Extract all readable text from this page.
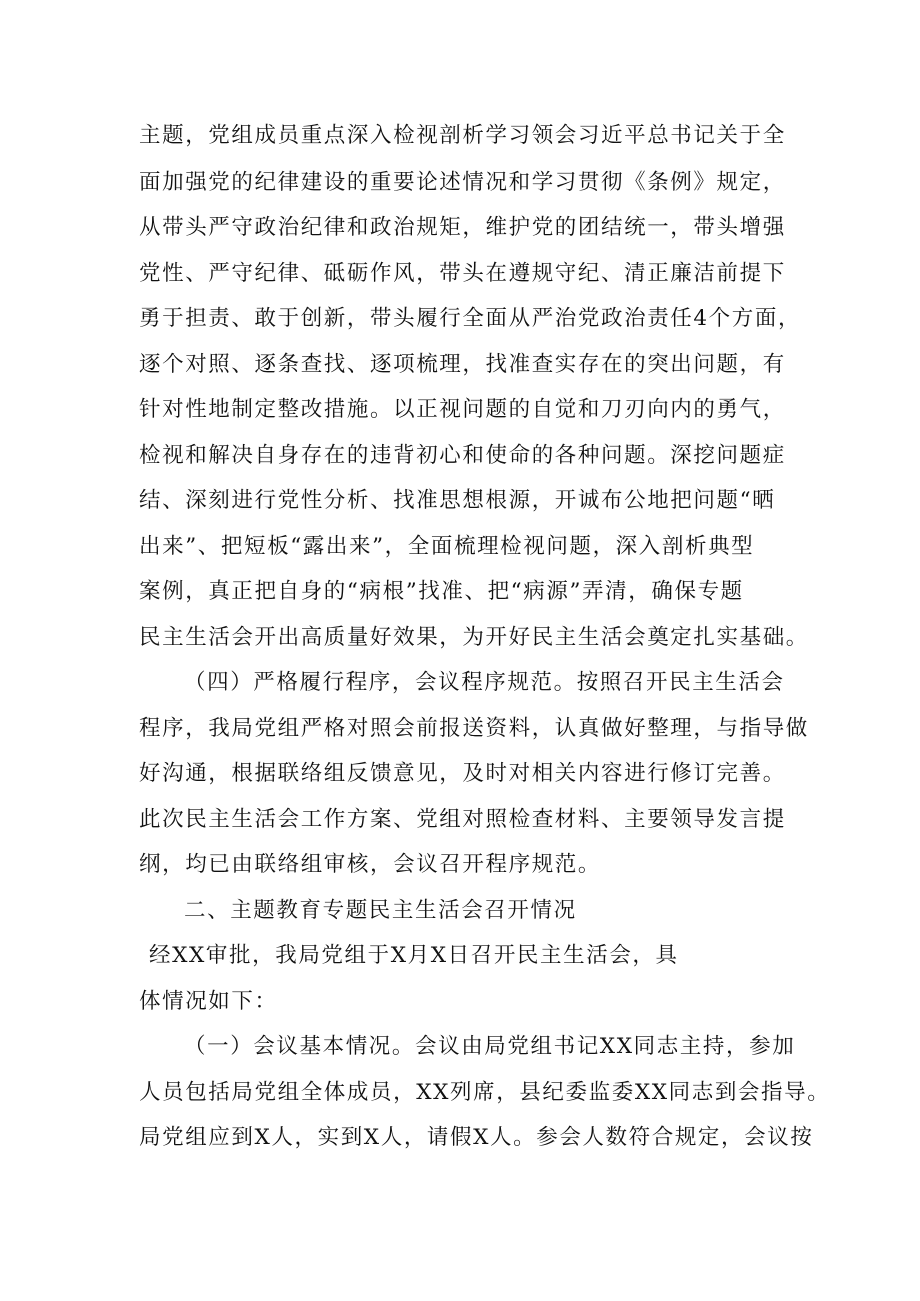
主题，党组成员重点深入检视剖析学习领会习近平总书记关于全
面加强党的纪律建设的重要论述情况和学习贯彻《条例》规定，
从带头严守政治纪律和政治规矩，维护党的团结统一，带头增强
党性、严守纪律、砥砺作风，带头在遵规守纪、清正廉洁前提下
勇于担责、敢于创新，带头履行全面从严治党政治责任4个方面，
逐个对照、逐条查找、逐项梳理，找准查实存在的突出问题，有
针对性地制定整改措施。以正视问题的自觉和刀刃向内的勇气，
检视和解决自身存在的违背初心和使命的各种问题。深挖问题症
结、深刻进行党性分析、找准思想根源，开诚布公地把问题“晒
出来”、把短板“露出来”，全面梳理检视问题，深入剖析典型
案例，真正把自身的“病根”找准、把“病源”弄清，确保专题
民主生活会开出高质量好效果，为开好民主生活会奠定扎实基础。
（四）严格履行程序，会议程序规范。按照召开民主生活会
程序，我局党组严格对照会前报送资料，认真做好整理，与指导做
好沟通，根据联络组反馈意见，及时对相关内容进行修订完善。
此次民主生活会工作方案、党组对照检查材料、主要领导发言提
纲，均已由联络组审核，会议召开程序规范。
二、主题教育专题民主生活会召开情况
经XX审批，我局党组于X月X日召开民主生活会，具
体情况如下：
（一）会议基本情况。会议由局党组书记XX同志主持，参加
人员包括局党组全体成员，XX列席，县纪委监委XX同志到会指导。
局党组应到X人，实到X人，请假X人。参会人数符合规定，会议按
